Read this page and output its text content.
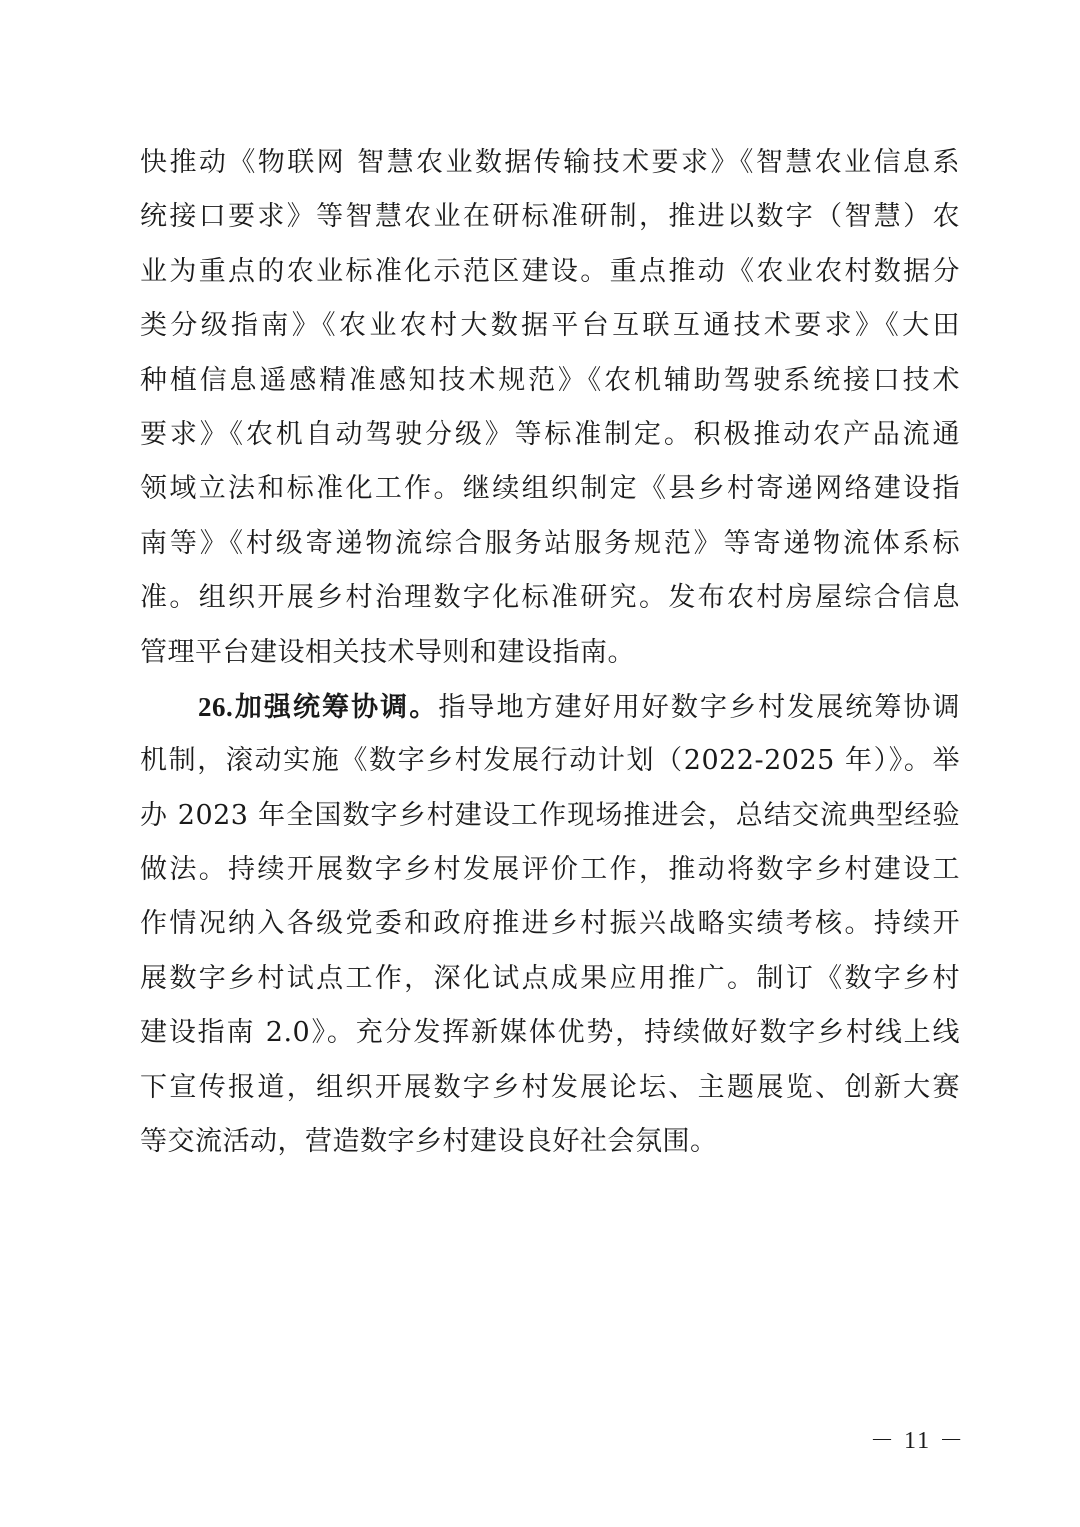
快推动《物联网 智慧农业数据传输技术要求》《智慧农业信息系
统接口要求》等智慧农业在研标准研制，推进以数字（智慧）农
业为重点的农业标准化示范区建设。重点推动《农业农村数据分
类分级指南》《农业农村大数据平台互联互通技术要求》《大田
种植信息遥感精准感知技术规范》《农机辅助驾驶系统接口技术
要求》《农机自动驾驶分级》等标准制定。积极推动农产品流通
领域立法和标准化工作。继续组织制定《县乡村寄递网络建设指
南等》《村级寄递物流综合服务站服务规范》等寄递物流体系标
准。组织开展乡村治理数字化标准研究。发布农村房屋综合信息
管理平台建设相关技术导则和建设指南。
26.加强统筹协调。指导地方建好用好数字乡村发展统筹协调
机制，滚动实施《数字乡村发展行动计划（2022-2025 年）》。举
办 2023 年全国数字乡村建设工作现场推进会，总结交流典型经验
做法。持续开展数字乡村发展评价工作，推动将数字乡村建设工
作情况纳入各级党委和政府推进乡村振兴战略实绩考核。持续开
展数字乡村试点工作，深化试点成果应用推广。制订《数字乡村
建设指南 2.0》。充分发挥新媒体优势，持续做好数字乡村线上线
下宣传报道，组织开展数字乡村发展论坛、主题展览、创新大赛
等交流活动，营造数字乡村建设良好社会氛围。
－ 11 －
